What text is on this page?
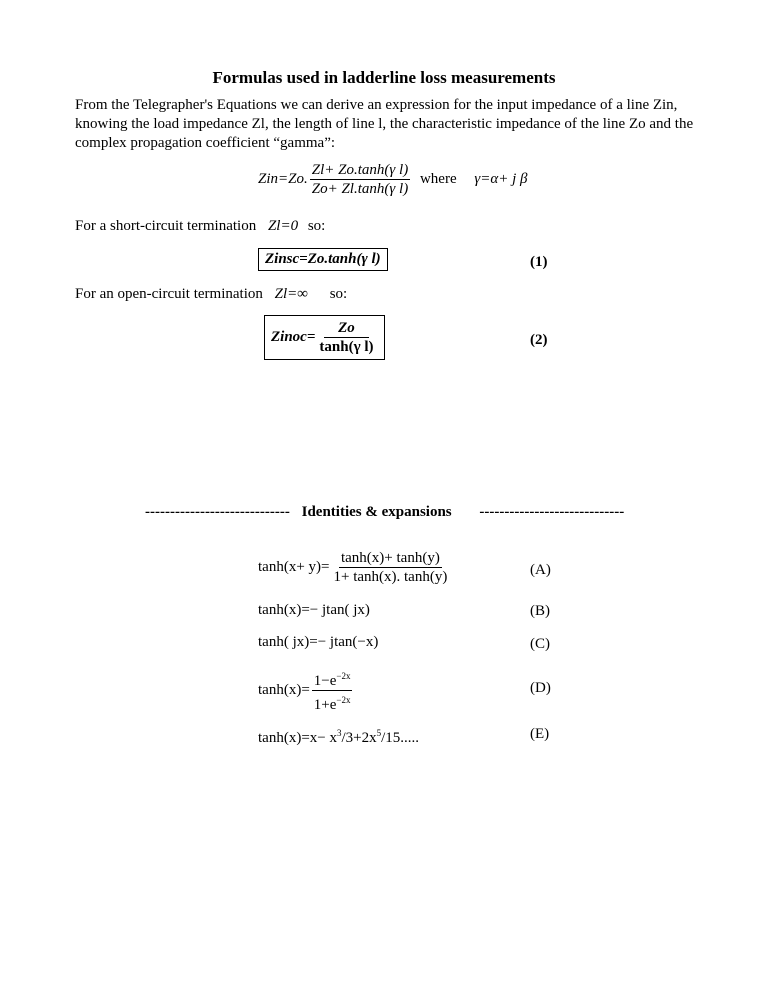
Formulas used in ladderline loss measurements
From the Telegrapher's Equations we can derive an expression for the input impedance of a line Zin, knowing the load impedance Zl, the length of line l, the characteristic impedance of the line Zo and the complex propagation coefficient “gamma”:
Zin=Zo. $\frac{\text{Zl+ Zo.tanh(γ l)}}{\text{Zo+ Zl.tanh(γ l)}}$ where γ=α+ j β
For a short-circuit termination Zl=0 so:
Zinsc=Zo.tanh(γ l)	(1)
For an open-circuit termination Zl=∞ so:
Zinoc= $\frac{Zo}{\text{tanh(γ l)}}$	(2)
----------------------------- Identities & expansions -----------------------------
$\tanh(x+ y)= \frac{\tanh(x)+ \tanh(y)}{1+ \tanh(x). \tanh(y)}$	(A)
tanh(x)=− jtan( jx)	(B)
tanh( jx)=− jtan(−x)	(C)
$\tanh(x)= \frac{1-e^{-2x}}{1+e^{-2x}}$	(D)
$\tanh(x)=x- x^3/3+2x^5/15$.....	(E)
